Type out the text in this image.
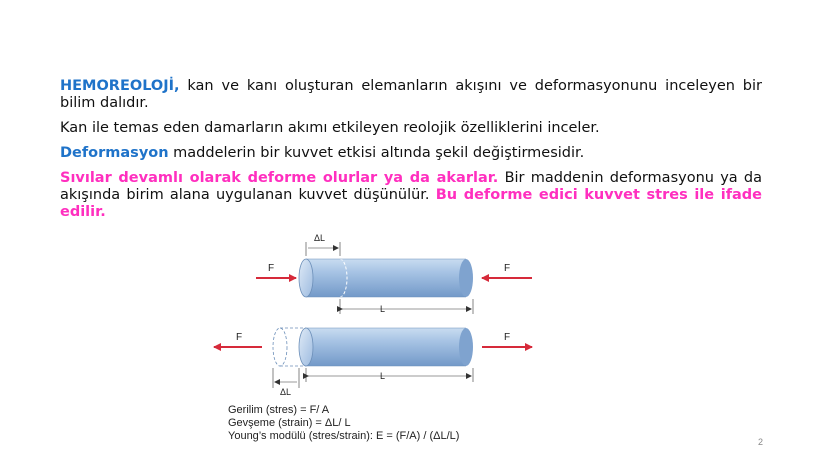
HEMOREOLOJİ, kan ve kanı oluşturan elemanların akışını ve deformasyonunu inceleyen bir bilim dalıdır.

Kan ile temas eden damarların akımı etkileyen reolojik özelliklerini inceler.

Deformasyon maddelerin bir kuvvet etkisi altında şekil değiştirmesidir.

Sıvılar devamlı olarak deforme olurlar ya da akarlar. Bir maddenin deformasyonu ya da akışında birim alana uygulanan kuvvet düşünülür. Bu deforme edici kuvvet stres ile ifade edilir.

ΔL
L
F	F
L
ΔL
F	F
Gerilim (stres) = F/ A
Gevşeme (strain) = ΔL/ L
Young’s modülü (stres/strain): E = (F/A) / (ΔL/L)	2
